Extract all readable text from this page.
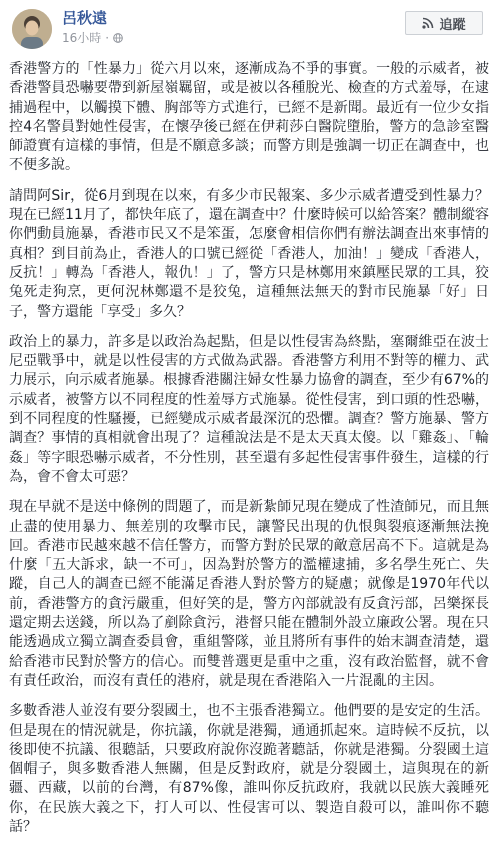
呂秋遠
16小時 ·
追蹤

香港警方的「性暴力」從六月以來，逐漸成為不爭的事實。一般的示威者，被香港警員恐嚇要帶到新屋嶺羈留，或是被以各種脫光、檢查的方式羞辱，在逮捕過程中，以觸摸下體、胸部等方式進行，已經不是新聞。最近有一位少女指控4名警員對她性侵害，在懷孕後已經在伊莉莎白醫院墮胎，警方的急診室醫師證實有這樣的事情，但是不願意多談；而警方則是強調一切正在調查中，也不便多說。

請問阿Sir，從6月到現在以來，有多少市民報案、多少示威者遭受到性暴力？現在已經11月了，都快年底了，還在調查中？什麼時候可以給答案？體制縱容你們動員施暴，香港市民又不是笨蛋，怎麼會相信你們有辦法調查出來事情的真相？到目前為止，香港人的口號已經從「香港人，加油！」變成「香港人，反抗！」轉為「香港人，報仇！」了，警方只是林鄭用來鎮壓民眾的工具，狡兔死走狗烹，更何況林鄭還不是狡兔，這種無法無天的對市民施暴「好」日子，警方還能「享受」多久？

政治上的暴力，許多是以政治為起點，但是以性侵害為終點，塞爾維亞在波士尼亞戰爭中，就是以性侵害的方式做為武器。香港警方利用不對等的權力、武力展示，向示威者施暴。根據香港關注婦女性暴力協會的調查，至少有67%的示威者，被警方以不同程度的性羞辱方式施暴。從性侵害，到口頭的性恐嚇，到不同程度的性騷擾，已經變成示威者最深沉的恐懼。調查？警方施暴、警方調查？事情的真相就會出現了？這種說法是不是太天真太傻。以「雞姦」、「輪姦」等字眼恐嚇示威者，不分性別，甚至還有多起性侵害事件發生，這樣的行為，會不會太可惡？

現在早就不是送中條例的問題了，而是新紮師兄現在變成了性渣師兄，而且無止盡的使用暴力、無差別的攻擊市民，讓警民出現的仇恨與裂痕逐漸無法挽回。香港市民越來越不信任警方，而警方對於民眾的敵意居高不下。這就是為什麼「五大訴求，缺一不可」，因為對於警方的濫權逮捕，多名學生死亡、失蹤，自己人的調查已經不能滿足香港人對於警方的疑慮；就像是1970年代以前，香港警方的貪污嚴重，但好笑的是，警方內部就設有反貪污部，呂樂探長還定期去送錢，所以為了剷除貪污，港督只能在體制外設立廉政公署。現在只能透過成立獨立調查委員會，重組警隊，並且將所有事件的始末調查清楚，還給香港市民對於警方的信心。而雙普選更是重中之重，沒有政治監督，就不會有責任政治，而沒有責任的港府，就是現在香港陷入一片混亂的主因。

多數香港人並沒有要分裂國土，也不主張香港獨立。他們要的是安定的生活。但是現在的情況就是，你抗議，你就是港獨，通通抓起來。這時候不反抗，以後即使不抗議、很聽話，只要政府說你沒跪著聽話，你就是港獨。分裂國土這個帽子，與多數香港人無關，但是反對政府，就是分裂國土，這與現在的新疆、西藏，以前的台灣，有87%像，誰叫你反抗政府，我就以民族大義睡死你，在民族大義之下，打人可以、性侵害可以、製造自殺可以，誰叫你不聽話？
